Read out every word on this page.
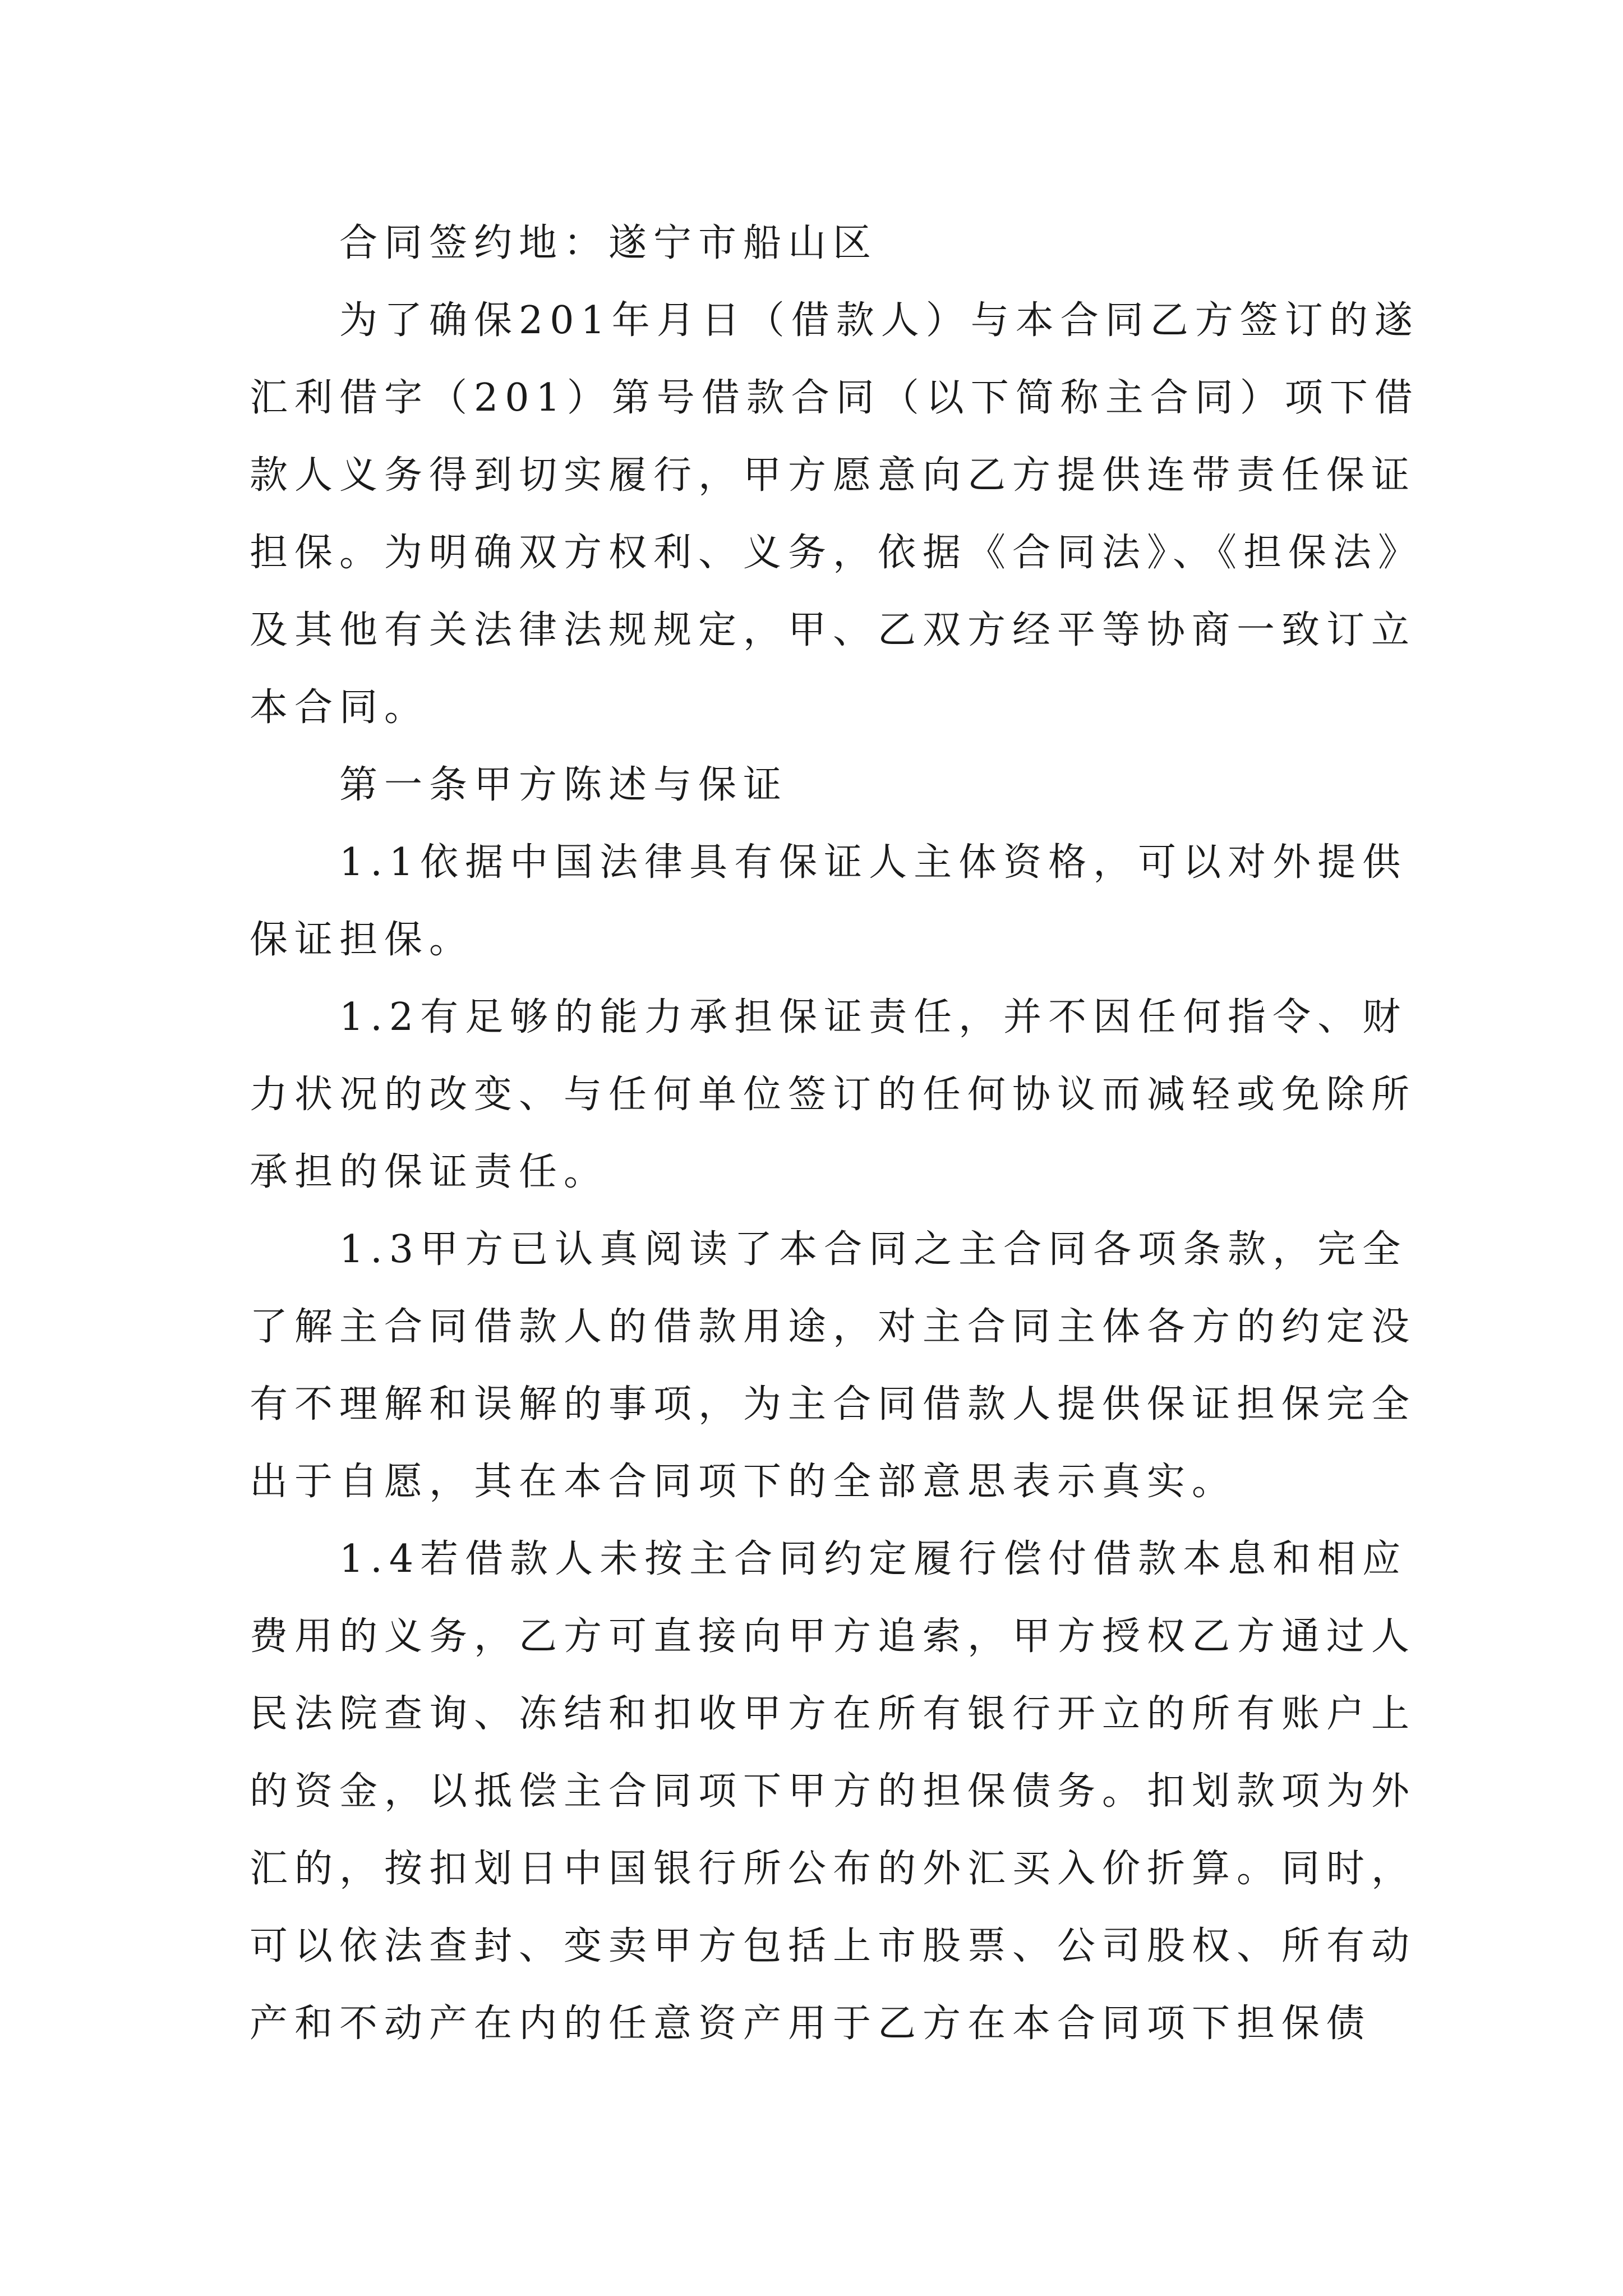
合同签约地：遂宁市船山区
为了确保201年月日（借款人）与本合同乙方签订的遂
汇利借字（201）第号借款合同（以下简称主合同）项下借
款人义务得到切实履行，甲方愿意向乙方提供连带责任保证
担保。为明确双方权利、义务，依据《合同法》、《担保法》
及其他有关法律法规规定，甲、乙双方经平等协商一致订立
本合同。
第一条甲方陈述与保证
1.1依据中国法律具有保证人主体资格，可以对外提供
保证担保。
1.2有足够的能力承担保证责任，并不因任何指令、财
力状况的改变、与任何单位签订的任何协议而减轻或免除所
承担的保证责任。
1.3甲方已认真阅读了本合同之主合同各项条款，完全
了解主合同借款人的借款用途，对主合同主体各方的约定没
有不理解和误解的事项，为主合同借款人提供保证担保完全
出于自愿，其在本合同项下的全部意思表示真实。
1.4若借款人未按主合同约定履行偿付借款本息和相应
费用的义务，乙方可直接向甲方追索，甲方授权乙方通过人
民法院查询、冻结和扣收甲方在所有银行开立的所有账户上
的资金，以抵偿主合同项下甲方的担保债务。扣划款项为外
汇的，按扣划日中国银行所公布的外汇买入价折算。同时，
可以依法查封、变卖甲方包括上市股票、公司股权、所有动
产和不动产在内的任意资产用于乙方在本合同项下担保债
